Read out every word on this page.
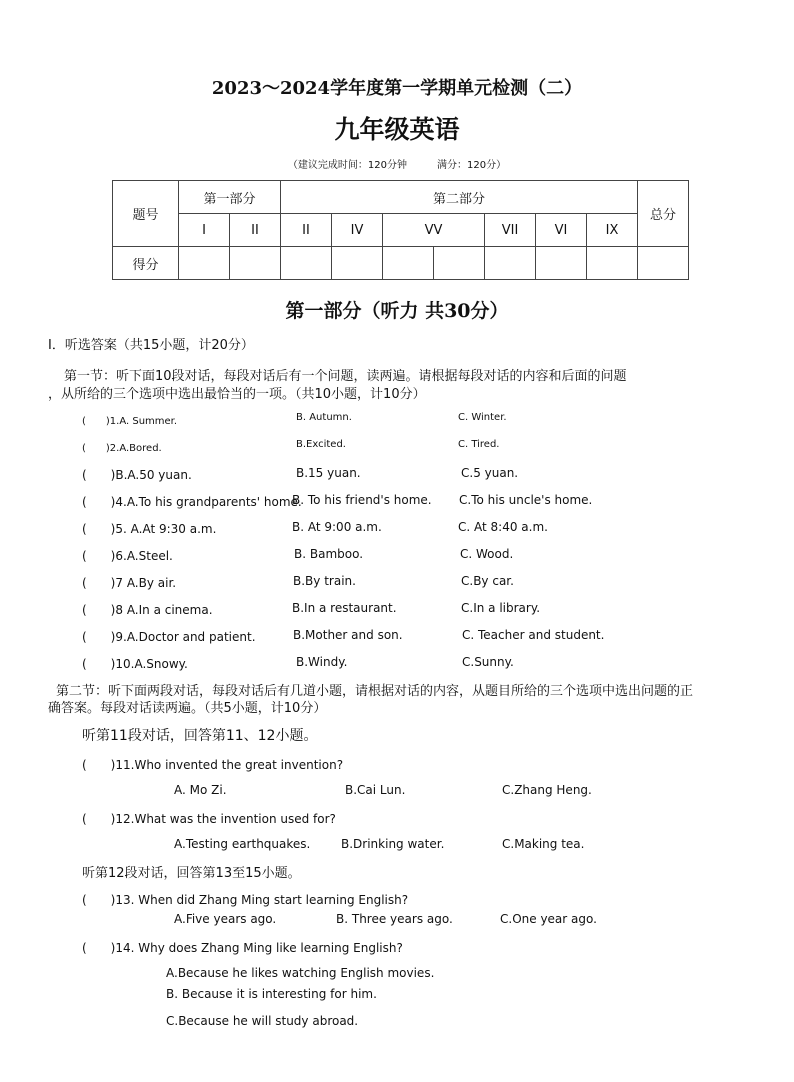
2023～2024学年度第一学期单元检测（二）
九年级英语
（建议完成时间：120分钟　　　满分：120分）
题号	第一部分		第二部分							总分
	I	II	II	IV	VV		VII	VI	IX	
得分										
第一部分（听力 共30分）
I．听选答案（共15小题，计20分）
第一节：听下面10段对话，每段对话后有一个问题，读两遍。请根据每段对话的内容和后面的问题
，从所给的三个选项中选出最恰当的一项。（共10小题，计10分）
(　　)1.A. Summer.	B. Autumn.	C. Winter.
(　　)2.A.Bored.	B.Excited.	C. Tired.
(　　)B.A.50 yuan.	B.15 yuan.	C.5 yuan.
(　　)4.A.To his grandparents' home.
B. To his friend's home. C.To his uncle's home.
(　　)5. A.At 9:30 a.m.	B. At 9:00 a.m.	C. At 8:40 a.m.
(　　)6.A.Steel.	B. Bamboo.	C. Wood.
(　　)7 A.By air.	B.By train.	C.By car.
(　　)8 A.In a cinema.	B.In a restaurant.	C.In a library.
(　　)9.A.Doctor and patient.	B.Mother and son.	C. Teacher and student.
(　　)10.A.Snowy.	B.Windy.	C.Sunny.
第二节：听下面两段对话，每段对话后有几道小题，请根据对话的内容，从题目所给的三个选项中选出问题的正
确答案。每段对话读两遍。（共5小题，计10分）
听第11段对话，回答第11、12小题。
(　　)11.Who invented the great invention?
A. Mo Zi.	B.Cai Lun.	C.Zhang Heng.
(　　)12.What was the invention used for?
A.Testing earthquakes.	B.Drinking water.	C.Making tea.
听第12段对话，回答第13至15小题。
(　　)13. When did Zhang Ming start learning English?
A.Five years ago.	B. Three years ago.	C.One year ago.
(　　)14. Why does Zhang Ming like learning English?
A.Because he likes watching English movies.
B. Because it is interesting for him.
C.Because he will study abroad.
